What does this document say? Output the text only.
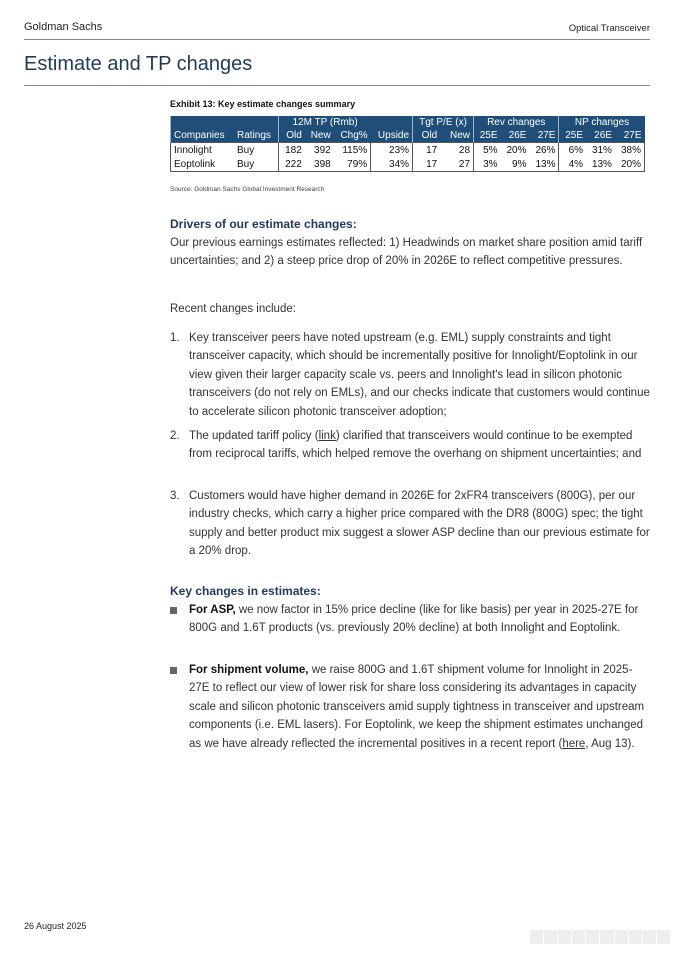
Goldman Sachs	Optical Transceiver
Estimate and TP changes
Exhibit 13: Key estimate changes summary
		12M TP (Rmb)				Tgt P/E (x)		Rev changes			NP changes		
Companies	Ratings	Old	New	Chg%	Upside	Old	New	25E	26E	27E	25E	26E	27E
Innolight	Buy	182	392	115%	23%	17	28	5%	20%	26%	6%	31%	38%
Eoptolink	Buy	222	398	79%	34%	17	27	3%	9%	13%	4%	13%	20%
Source: Goldman Sachs Global Investment Research
Drivers of our estimate changes:
Our previous earnings estimates reflected: 1) Headwinds on market share position amid tariff uncertainties; and 2) a steep price drop of 20% in 2026E to reflect competitive pressures.
Recent changes include:
1. Key transceiver peers have noted upstream (e.g. EML) supply constraints and tight transceiver capacity, which should be incrementally positive for Innolight/Eoptolink in our view given their larger capacity scale vs. peers and Innolight's lead in silicon photonic transceivers (do not rely on EMLs), and our checks indicate that customers would continue to accelerate silicon photonic transceiver adoption;
2. The updated tariff policy (link) clarified that transceivers would continue to be exempted from reciprocal tariffs, which helped remove the overhang on shipment uncertainties; and
3. Customers would have higher demand in 2026E for 2xFR4 transceivers (800G), per our industry checks, which carry a higher price compared with the DR8 (800G) spec; the tight supply and better product mix suggest a slower ASP decline than our previous estimate for a 20% drop.
Key changes in estimates:
For ASP, we now factor in 15% price decline (like for like basis) per year in 2025-27E for 800G and 1.6T products (vs. previously 20% decline) at both Innolight and Eoptolink.
For shipment volume, we raise 800G and 1.6T shipment volume for Innolight in 2025-27E to reflect our view of lower risk for share loss considering its advantages in capacity scale and silicon photonic transceivers amid supply tightness in transceiver and upstream components (i.e. EML lasers). For Eoptolink, we keep the shipment estimates unchanged as we have already reflected the incremental positives in a recent report (here, Aug 13).
26 August 2025
